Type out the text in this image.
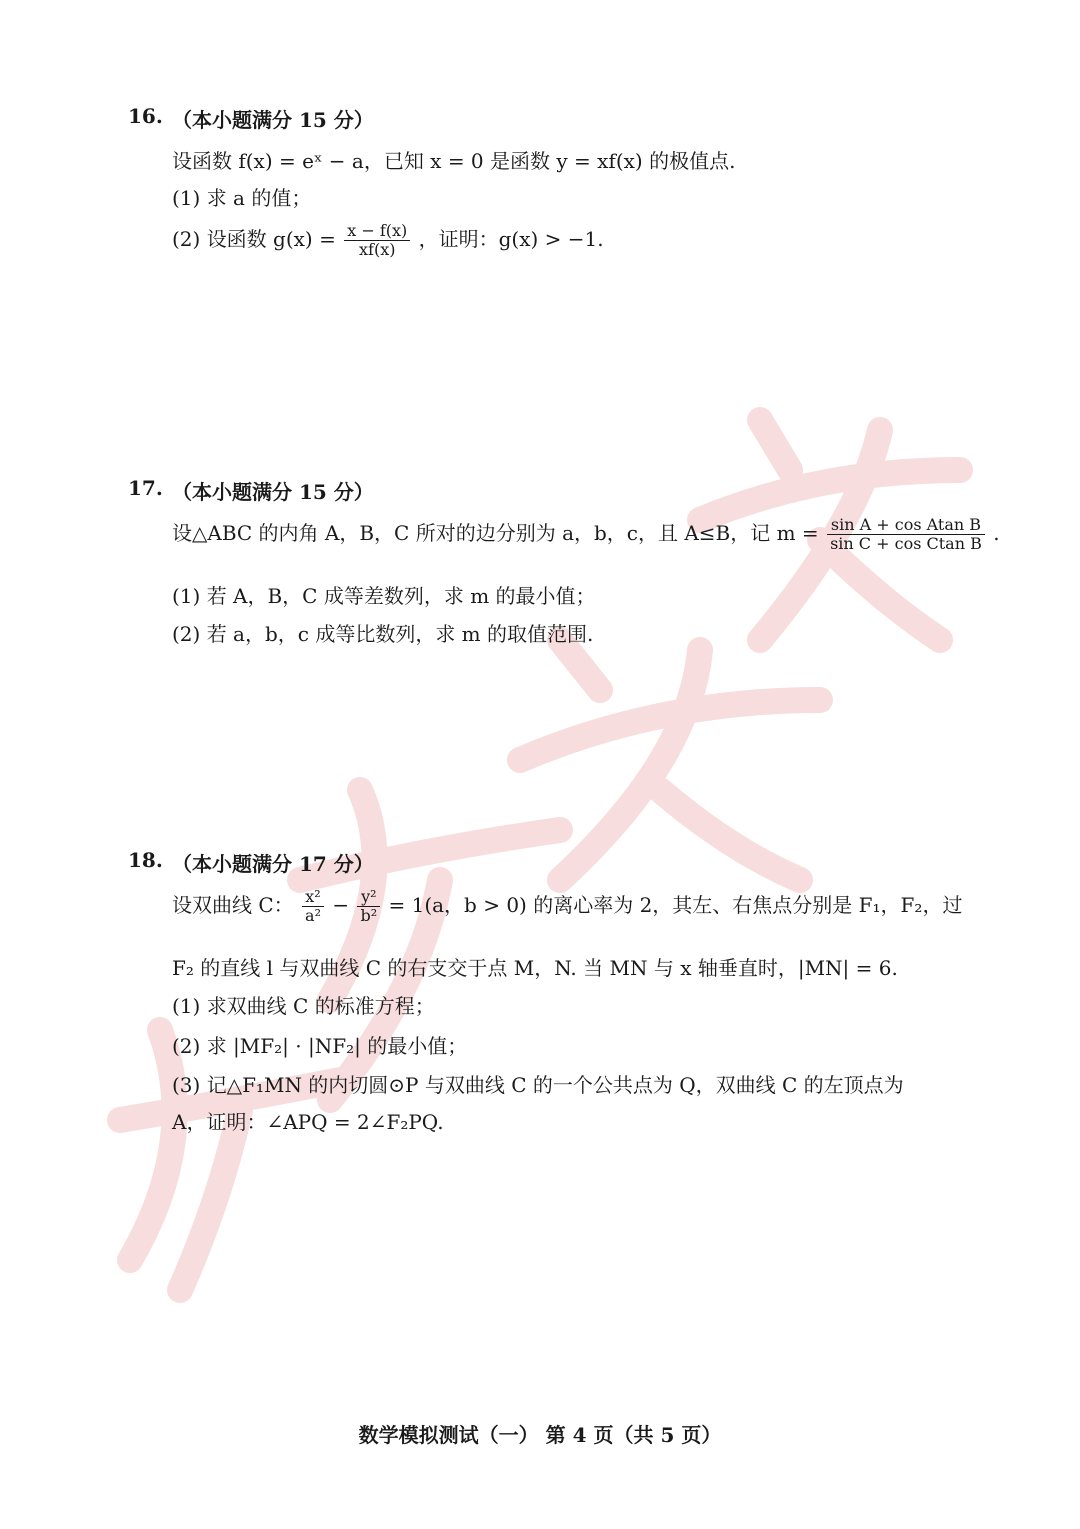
16. （本小题满分 15 分）
设函数 f(x) = eˣ − a，已知 x = 0 是函数 y = xf(x) 的极值点.
(1) 求 a 的值；
(2) 设函数 $g(x) = \frac{x - f(x)}{xf(x)}$ ，证明：g(x) > −1.
17. （本小题满分 15 分）
设△ABC 的内角 A，B，C 所对的边分别为 a，b，c，且 A≤B，记 $m = \frac{\text{sin A + cos Atan B}}{\text{sin C + cos Ctan B}}$ .
(1) 若 A，B，C 成等差数列，求 m 的最小值；
(2) 若 a，b，c 成等比数列，求 m 的取值范围.
18. （本小题满分 17 分）
设双曲线 C： $\frac{\text{x²}}{\text{a²}} - \frac{\text{y²}}{\text{b²}} = 1(a$，b > 0) 的离心率为 2，其左、右焦点分别是 F₁，F₂，过
F₂ 的直线 l 与双曲线 C 的右支交于点 M，N. 当 MN 与 x 轴垂直时，|MN| = 6.
(1) 求双曲线 C 的标准方程；
(2) 求 |MF₂| · |NF₂| 的最小值；
(3) 记△F₁MN 的内切圆⊙P 与双曲线 C 的一个公共点为 Q，双曲线 C 的左顶点为
A，证明：∠APQ = 2∠F₂PQ.
数学模拟测试（一） 第 4 页（共 5 页）
